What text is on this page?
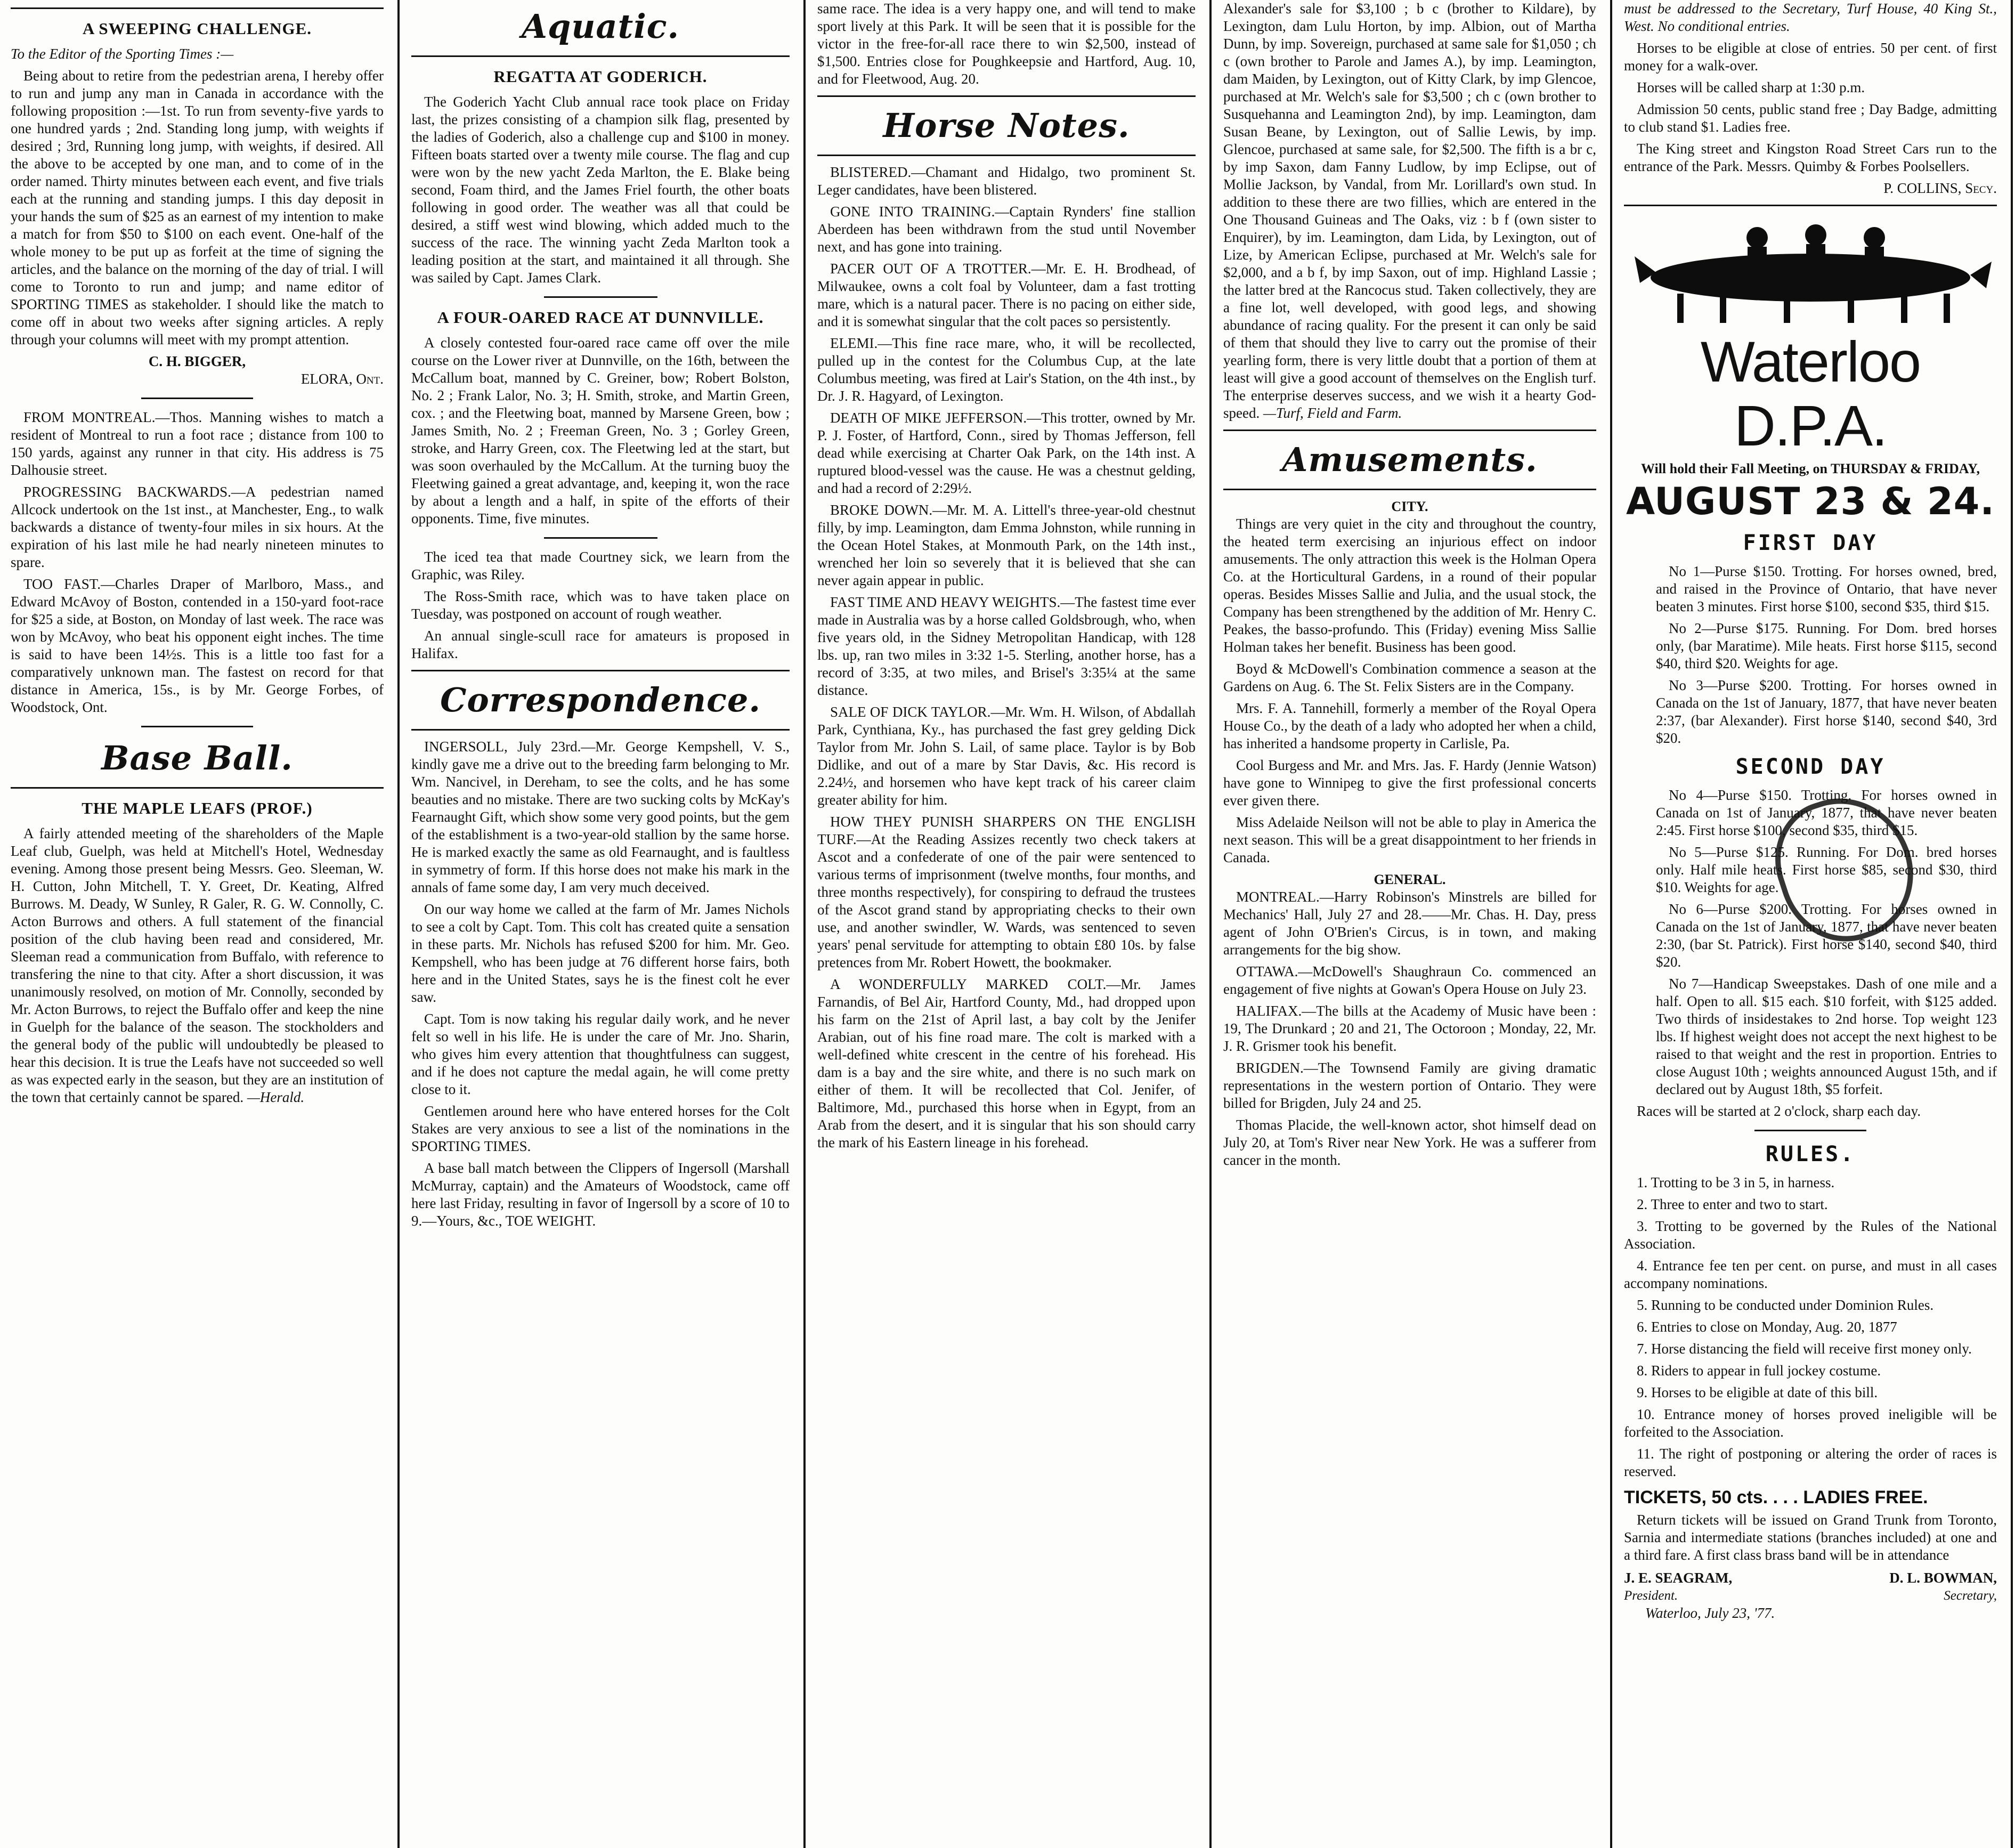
A SWEEPING CHALLENGE.

To the Editor of the Sporting Times :—

Being about to retire from the pedestrian arena, I hereby offer to run and jump any man in Canada in accordance with the following proposition :—1st. To run from seventy-five yards to one hundred yards ; 2nd. Standing long jump, with weights if desired ; 3rd, Running long jump, with weights, if desired. All the above to be accepted by one man, and to come of in the order named. Thirty minutes between each event, and five trials each at the running and standing jumps. I this day deposit in your hands the sum of $25 as an earnest of my intention to make a match for from $50 to $100 on each event. One-half of the whole money to be put up as forfeit at the time of signing the articles, and the balance on the morning of the day of trial. I will come to Toronto to run and jump; and name editor of SPORTING TIMES as stakeholder. I should like the match to come off in about two weeks after signing articles. A reply through your columns will meet with my prompt attention.

C. H. BIGGER,
ELORA, Ont.

FROM MONTREAL.—Thos. Manning wishes to match a resident of Montreal to run a foot race ; distance from 100 to 150 yards, against any runner in that city. His address is 75 Dalhousie street.

PROGRESSING BACKWARDS.—A pedestrian named Allcock undertook on the 1st inst., at Manchester, Eng., to walk backwards a distance of twenty-four miles in six hours. At the expiration of his last mile he had nearly nineteen minutes to spare.

TOO FAST.—Charles Draper of Marlboro, Mass., and Edward McAvoy of Boston, contended in a 150-yard foot-race for $25 a side, at Boston, on Monday of last week. The race was won by McAvoy, who beat his opponent eight inches. The time is said to have been 14½s. This is a little too fast for a comparatively unknown man. The fastest on record for that distance in America, 15s., is by Mr. George Forbes, of Woodstock, Ont.

Base Ball.
THE MAPLE LEAFS (PROF.)

A fairly attended meeting of the shareholders of the Maple Leaf club, Guelph, was held at Mitchell's Hotel, Wednesday evening. Among those present being Messrs. Geo. Sleeman, W. H. Cutton, John Mitchell, T. Y. Greet, Dr. Keating, Alfred Burrows. M. Deady, W Sunley, R Galer, R. G. W. Connolly, C. Acton Burrows and others. A full statement of the financial position of the club having been read and considered, Mr. Sleeman read a communication from Buffalo, with reference to transfering the nine to that city. After a short discussion, it was unanimously resolved, on motion of Mr. Connolly, seconded by Mr. Acton Burrows, to reject the Buffalo offer and keep the nine in Guelph for the balance of the season. The stockholders and the general body of the public will undoubtedly be pleased to hear this decision. It is true the Leafs have not succeeded so well as was expected early in the season, but they are an institution of the town that certainly cannot be spared. —Herald.

Aquatic.
REGATTA AT GODERICH.

The Goderich Yacht Club annual race took place on Friday last, the prizes consisting of a champion silk flag, presented by the ladies of Goderich, also a challenge cup and $100 in money. Fifteen boats started over a twenty mile course. The flag and cup were won by the new yacht Zeda Marlton, the E. Blake being second, Foam third, and the James Friel fourth, the other boats following in good order. The weather was all that could be desired, a stiff west wind blowing, which added much to the success of the race. The winning yacht Zeda Marlton took a leading position at the start, and maintained it all through. She was sailed by Capt. James Clark.

A FOUR-OARED RACE AT DUNNVILLE.

A closely contested four-oared race came off over the mile course on the Lower river at Dunnville, on the 16th, between the McCallum boat, manned by C. Greiner, bow; Robert Bolston, No. 2 ; Frank Lalor, No. 3; H. Smith, stroke, and Martin Green, cox. ; and the Fleetwing boat, manned by Marsene Green, bow ; James Smith, No. 2 ; Freeman Green, No. 3 ; Gorley Green, stroke, and Harry Green, cox. The Fleetwing led at the start, but was soon overhauled by the McCallum. At the turning buoy the Fleetwing gained a great advantage, and, keeping it, won the race by about a length and a half, in spite of the efforts of their opponents. Time, five minutes.

The iced tea that made Courtney sick, we learn from the Graphic, was Riley.

The Ross-Smith race, which was to have taken place on Tuesday, was postponed on account of rough weather.

An annual single-scull race for amateurs is proposed in Halifax.

Correspondence.

INGERSOLL, July 23rd.—Mr. George Kempshell, V. S., kindly gave me a drive out to the breeding farm belonging to Mr. Wm. Nancivel, in Dereham, to see the colts, and he has some beauties and no mistake. There are two sucking colts by McKay's Fearnaught Gift, which show some very good points, but the gem of the establishment is a two-year-old stallion by the same horse. He is marked exactly the same as old Fearnaught, and is faultless in symmetry of form. If this horse does not make his mark in the annals of fame some day, I am very much deceived.

On our way home we called at the farm of Mr. James Nichols to see a colt by Capt. Tom. This colt has created quite a sensation in these parts. Mr. Nichols has refused $200 for him. Mr. Geo. Kempshell, who has been judge at 76 different horse fairs, both here and in the United States, says he is the finest colt he ever saw.

Capt. Tom is now taking his regular daily work, and he never felt so well in his life. He is under the care of Mr. Jno. Sharin, who gives him every attention that thoughtfulness can suggest, and if he does not capture the medal again, he will come pretty close to it.

Gentlemen around here who have entered horses for the Colt Stakes are very anxious to see a list of the nominations in the SPORTING TIMES.

A base ball match between the Clippers of Ingersoll (Marshall McMurray, captain) and the Amateurs of Woodstock, came off here last Friday, resulting in favor of Ingersoll by a score of 10 to 9.—Yours, &c., TOE WEIGHT.

same race. The idea is a very happy one, and will tend to make sport lively at this Park. It will be seen that it is possible for the victor in the free-for-all race there to win $2,500, instead of $1,500. Entries close for Poughkeepsie and Hartford, Aug. 10, and for Fleetwood, Aug. 20.

Horse Notes.

BLISTERED.—Chamant and Hidalgo, two prominent St. Leger candidates, have been blistered.

GONE INTO TRAINING.—Captain Rynders' fine stallion Aberdeen has been withdrawn from the stud until November next, and has gone into training.

PACER OUT OF A TROTTER.—Mr. E. H. Brodhead, of Milwaukee, owns a colt foal by Volunteer, dam a fast trotting mare, which is a natural pacer. There is no pacing on either side, and it is somewhat singular that the colt paces so persistently.

ELEMI.—This fine race mare, who, it will be recollected, pulled up in the contest for the Columbus Cup, at the late Columbus meeting, was fired at Lair's Station, on the 4th inst., by Dr. J. R. Hagyard, of Lexington.

DEATH OF MIKE JEFFERSON.—This trotter, owned by Mr. P. J. Foster, of Hartford, Conn., sired by Thomas Jefferson, fell dead while exercising at Charter Oak Park, on the 14th inst. A ruptured blood-vessel was the cause. He was a chestnut gelding, and had a record of 2:29½.

BROKE DOWN.—Mr. M. A. Littell's three-year-old chestnut filly, by imp. Leamington, dam Emma Johnston, while running in the Ocean Hotel Stakes, at Monmouth Park, on the 14th inst., wrenched her loin so severely that it is believed that she can never again appear in public.

FAST TIME AND HEAVY WEIGHTS.—The fastest time ever made in Australia was by a horse called Goldsbrough, who, when five years old, in the Sidney Metropolitan Handicap, with 128 lbs. up, ran two miles in 3:32 1-5. Sterling, another horse, has a record of 3:35, at two miles, and Brisel's 3:35¼ at the same distance.

SALE OF DICK TAYLOR.—Mr. Wm. H. Wilson, of Abdallah Park, Cynthiana, Ky., has purchased the fast grey gelding Dick Taylor from Mr. John S. Lail, of same place. Taylor is by Bob Didlike, and out of a mare by Star Davis, &c. His record is 2.24½, and horsemen who have kept track of his career claim greater ability for him.

HOW THEY PUNISH SHARPERS ON THE ENGLISH TURF.—At the Reading Assizes recently two check takers at Ascot and a confederate of one of the pair were sentenced to various terms of imprisonment (twelve months, four months, and three months respectively), for conspiring to defraud the trustees of the Ascot grand stand by appropriating checks to their own use, and another swindler, W. Wards, was sentenced to seven years' penal servitude for attempting to obtain £80 10s. by false pretences from Mr. Robert Howett, the bookmaker.

A WONDERFULLY MARKED COLT.—Mr. James Farnandis, of Bel Air, Hartford County, Md., had dropped upon his farm on the 21st of April last, a bay colt by the Jenifer Arabian, out of his fine road mare. The colt is marked with a well-defined white crescent in the centre of his forehead. His dam is a bay and the sire white, and there is no such mark on either of them. It will be recollected that Col. Jenifer, of Baltimore, Md., purchased this horse when in Egypt, from an Arab from the desert, and it is singular that his son should carry the mark of his Eastern lineage in his forehead.

Alexander's sale for $3,100 ; b c (brother to Kildare), by Lexington, dam Lulu Horton, by imp. Albion, out of Martha Dunn, by imp. Sovereign, purchased at same sale for $1,050 ; ch c (own brother to Parole and James A.), by imp. Leamington, dam Maiden, by Lexington, out of Kitty Clark, by imp Glencoe, purchased at Mr. Welch's sale for $3,500 ; ch c (own brother to Susquehanna and Leamington 2nd), by imp. Leamington, dam Susan Beane, by Lexington, out of Sallie Lewis, by imp. Glencoe, purchased at same sale, for $2,500. The fifth is a br c, by imp Saxon, dam Fanny Ludlow, by imp Eclipse, out of Mollie Jackson, by Vandal, from Mr. Lorillard's own stud. In addition to these there are two fillies, which are entered in the One Thousand Guineas and The Oaks, viz : b f (own sister to Enquirer), by im. Leamington, dam Lida, by Lexington, out of Lize, by American Eclipse, purchased at Mr. Welch's sale for $2,000, and a b f, by imp Saxon, out of imp. Highland Lassie ; the latter bred at the Rancocus stud. Taken collectively, they are a fine lot, well developed, with good legs, and showing abundance of racing quality. For the present it can only be said of them that should they live to carry out the promise of their yearling form, there is very little doubt that a portion of them at least will give a good account of themselves on the English turf. The enterprise deserves success, and we wish it a hearty God-speed. —Turf, Field and Farm.

Amusements.
CITY.

Things are very quiet in the city and throughout the country, the heated term exercising an injurious effect on indoor amusements. The only attraction this week is the Holman Opera Co. at the Horticultural Gardens, in a round of their popular operas. Besides Misses Sallie and Julia, and the usual stock, the Company has been strengthened by the addition of Mr. Henry C. Peakes, the basso-profundo. This (Friday) evening Miss Sallie Holman takes her benefit. Business has been good.

Boyd & McDowell's Combination commence a season at the Gardens on Aug. 6. The St. Felix Sisters are in the Company.

Mrs. F. A. Tannehill, formerly a member of the Royal Opera House Co., by the death of a lady who adopted her when a child, has inherited a handsome property in Carlisle, Pa.

Cool Burgess and Mr. and Mrs. Jas. F. Hardy (Jennie Watson) have gone to Winnipeg to give the first professional concerts ever given there.

Miss Adelaide Neilson will not be able to play in America the next season. This will be a great disappointment to her friends in Canada.

GENERAL.

MONTREAL.—Harry Robinson's Minstrels are billed for Mechanics' Hall, July 27 and 28.——Mr. Chas. H. Day, press agent of John O'Brien's Circus, is in town, and making arrangements for the big show.

OTTAWA.—McDowell's Shaughraun Co. commenced an engagement of five nights at Gowan's Opera House on July 23.

HALIFAX.—The bills at the Academy of Music have been : 19, The Drunkard ; 20 and 21, The Octoroon ; Monday, 22, Mr. J. R. Grismer took his benefit.

BRIGDEN.—The Townsend Family are giving dramatic representations in the western portion of Ontario. They were billed for Brigden, July 24 and 25.

Thomas Placide, the well-known actor, shot himself dead on July 20, at Tom's River near New York. He was a sufferer from cancer in the month.

must be addressed to the Secretary, Turf House, 40 King St., West. No conditional entries.

Horses to be eligible at close of entries. 50 per cent. of first money for a walk-over.

Horses will be called sharp at 1:30 p.m.

Admission 50 cents, public stand free ; Day Badge, admitting to club stand $1. Ladies free.

The King street and Kingston Road Street Cars run to the entrance of the Park. Messrs. Quimby & Forbes Poolsellers.

P. COLLINS, Secy.
Waterloo D.P.A.
Will hold their Fall Meeting, on THURSDAY & FRIDAY,
AUGUST 23 & 24.
FIRST DAY

No 1—Purse $150. Trotting. For horses owned, bred, and raised in the Province of Ontario, that have never beaten 3 minutes. First horse $100, second $35, third $15.

No 2—Purse $175. Running. For Dom. bred horses only, (bar Maratime). Mile heats. First horse $115, second $40, third $20. Weights for age.

No 3—Purse $200. Trotting. For horses owned in Canada on the 1st of January, 1877, that have never beaten 2:37, (bar Alexander). First horse $140, second $40, 3rd $20.

SECOND DAY

No 4—Purse $150. Trotting. For horses owned in Canada on 1st of January, 1877, that have never beaten 2:45. First horse $100, second $35, third $15.

No 5—Purse $125. Running. For Dom. bred horses only. Half mile heats. First horse $85, second $30, third $10. Weights for age.

No 6—Purse $200. Trotting. For horses owned in Canada on the 1st of January, 1877, that have never beaten 2:30, (bar St. Patrick). First horse $140, second $40, third $20.

No 7—Handicap Sweepstakes. Dash of one mile and a half. Open to all. $15 each. $10 forfeit, with $125 added. Two thirds of insidestakes to 2nd horse. Top weight 123 lbs. If highest weight does not accept the next highest to be raised to that weight and the rest in proportion. Entries to close August 10th ; weights announced August 15th, and if declared out by August 18th, $5 forfeit.

Races will be started at 2 o'clock, sharp each day.

RULES.

1. Trotting to be 3 in 5, in harness.

2. Three to enter and two to start.

3. Trotting to be governed by the Rules of the National Association.

4. Entrance fee ten per cent. on purse, and must in all cases accompany nominations.

5. Running to be conducted under Dominion Rules.

6. Entries to close on Monday, Aug. 20, 1877

7. Horse distancing the field will receive first money only.

8. Riders to appear in full jockey costume.

9. Horses to be eligible at date of this bill.

10. Entrance money of horses proved ineligible will be forfeited to the Association.

11. The right of postponing or altering the order of races is reserved.

TICKETS, 50 cts. . . . LADIES FREE.

Return tickets will be issued on Grand Trunk from Toronto, Sarnia and intermediate stations (branches included) at one and a third fare. A first class brass band will be in attendance

J. E. SEAGRAM,	D. L. BOWMAN,
President.	Secretary,
Waterloo, July 23, '77.
